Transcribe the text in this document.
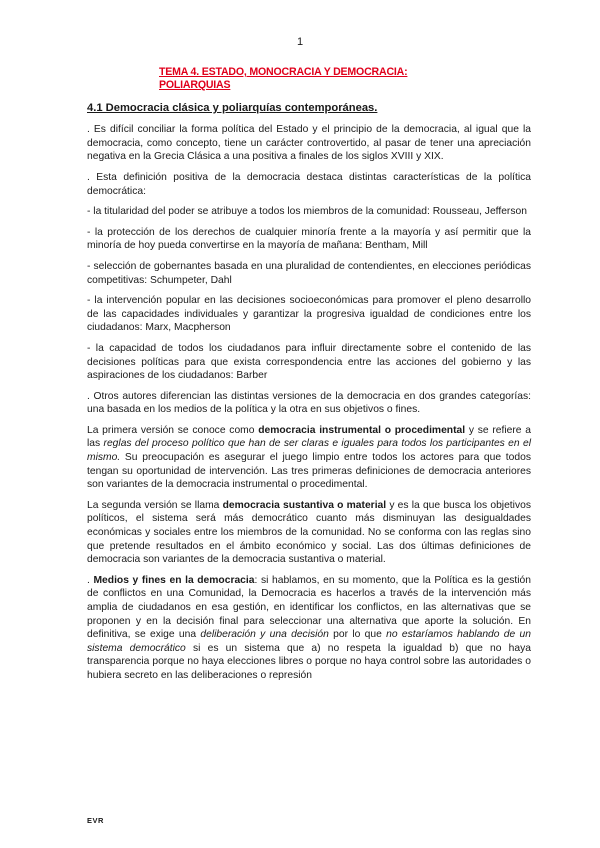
1
TEMA 4. ESTADO, MONOCRACIA Y DEMOCRACIA:
POLIARQUIAS
4.1 Democracia clásica y poliarquías contemporáneas.

. Es difícil conciliar la forma política del Estado y el principio de la democracia, al igual que la democracia, como concepto, tiene un carácter controvertido, al pasar de tener una apreciación negativa en la Grecia Clásica a una positiva a finales de los siglos XVIII y XIX.

. Esta definición positiva de la democracia destaca distintas características de la política democrática:

- la titularidad del poder se atribuye a todos los miembros de la comunidad: Rousseau, Jefferson

- la protección de los derechos de cualquier minoría frente a la mayoría y así permitir que la minoría de hoy pueda convertirse en la mayoría de mañana: Bentham, Mill

- selección de gobernantes basada en una pluralidad de contendientes, en elecciones periódicas competitivas: Schumpeter, Dahl

- la intervención popular en las decisiones socioeconómicas para promover el pleno desarrollo de las capacidades individuales y garantizar la progresiva igualdad de condiciones entre los ciudadanos: Marx, Macpherson

- la capacidad de todos los ciudadanos para influir directamente sobre el contenido de las decisiones políticas para que exista correspondencia entre las acciones del gobierno y las aspiraciones de los ciudadanos: Barber

. Otros autores diferencian las distintas versiones de la democracia en dos grandes categorías: una basada en los medios de la política y la otra en sus objetivos o fines.

La primera versión se conoce como democracia instrumental o procedimental y se refiere a las reglas del proceso político que han de ser claras e iguales para todos los participantes en el mismo. Su preocupación es asegurar el juego limpio entre todos los actores para que todos tengan su oportunidad de intervención. Las tres primeras definiciones de democracia anteriores son variantes de la democracia instrumental o procedimental.

La segunda versión se llama democracia sustantiva o material y es la que busca los objetivos políticos, el sistema será más democrático cuanto más disminuyan las desigualdades económicas y sociales entre los miembros de la comunidad. No se conforma con las reglas sino que pretende resultados en el ámbito económico y social. Las dos últimas definiciones de democracia son variantes de la democracia sustantiva o material.

. Medios y fines en la democracia: si hablamos, en su momento, que la Política es la gestión de conflictos en una Comunidad, la Democracia es hacerlos a través de la intervención más amplia de ciudadanos en esa gestión, en identificar los conflictos, en las alternativas que se proponen y en la decisión final para seleccionar una alternativa que aporte la solución. En definitiva, se exige una deliberación y una decisión por lo que no estaríamos hablando de un sistema democrático si es un sistema que a) no respeta la igualdad b) que no haya transparencia porque no haya elecciones libres o porque no haya control sobre las autoridades o hubiera secreto en las deliberaciones o represión

EVR
